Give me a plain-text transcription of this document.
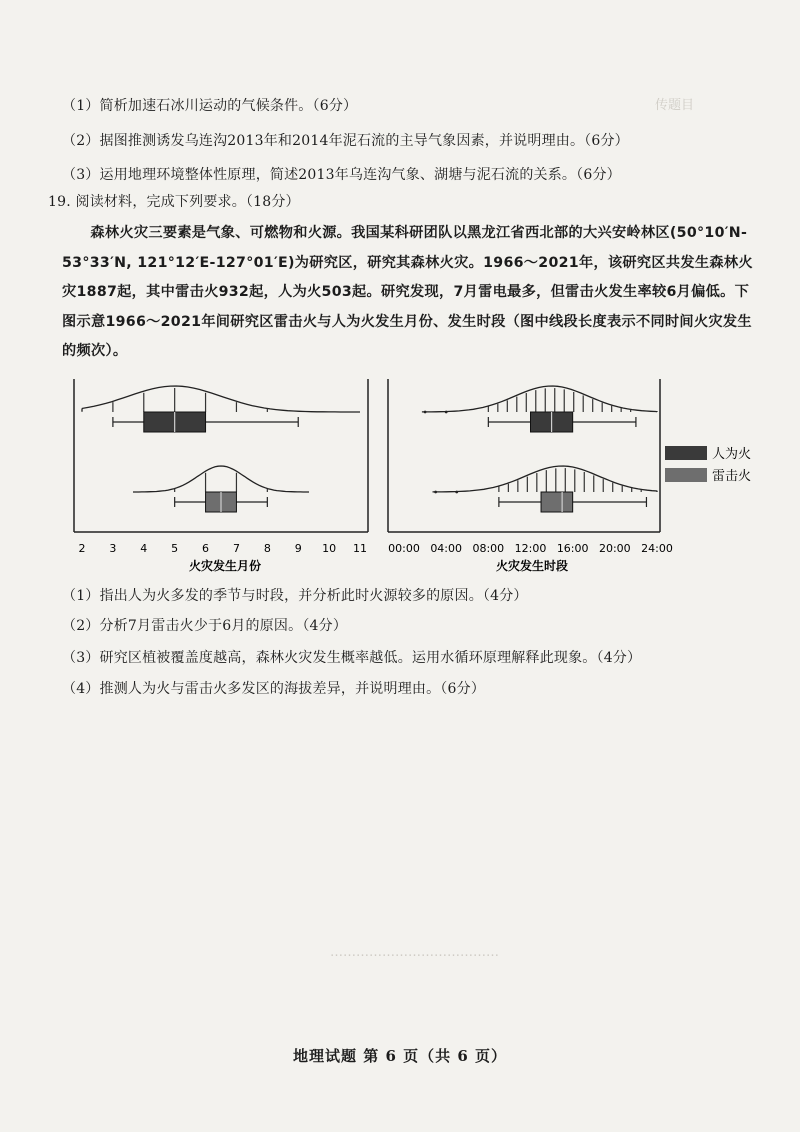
传题目
…………………………………
（1）简析加速石冰川运动的气候条件。（6分）
（2）据图推测诱发乌连沟2013年和2014年泥石流的主导气象因素，并说明理由。（6分）
（3）运用地理环境整体性原理，简述2013年乌连沟气象、湖塘与泥石流的关系。（6分）
19. 阅读材料，完成下列要求。（18分）
森林火灾三要素是气象、可燃物和火源。我国某科研团队以黑龙江省西北部的大兴安岭林区(50°10′N-53°33′N, 121°12′E-127°01′E)为研究区，研究其森林火灾。1966～2021年，该研究区共发生森林火灾1887起，其中雷击火932起，人为火503起。研究发现，7月雷电最多，但雷击火发生率较6月偏低。下图示意1966～2021年间研究区雷击火与人为火发生月份、发生时段（图中线段长度表示不同时间火灾发生的频次）。
2 3 4 5 6 7 8 9 10 11
火灾发生月份
00:00 04:00 08:00 12:00 16:00 20:00 24:00
火灾发生时段
人为火
雷击火
（1）指出人为火多发的季节与时段，并分析此时火源较多的原因。（4分）
（2）分析7月雷击火少于6月的原因。（4分）
（3）研究区植被覆盖度越高，森林火灾发生概率越低。运用水循环原理解释此现象。（4分）
（4）推测人为火与雷击火多发区的海拔差异，并说明理由。（6分）
地理试题 第 6 页（共 6 页）
